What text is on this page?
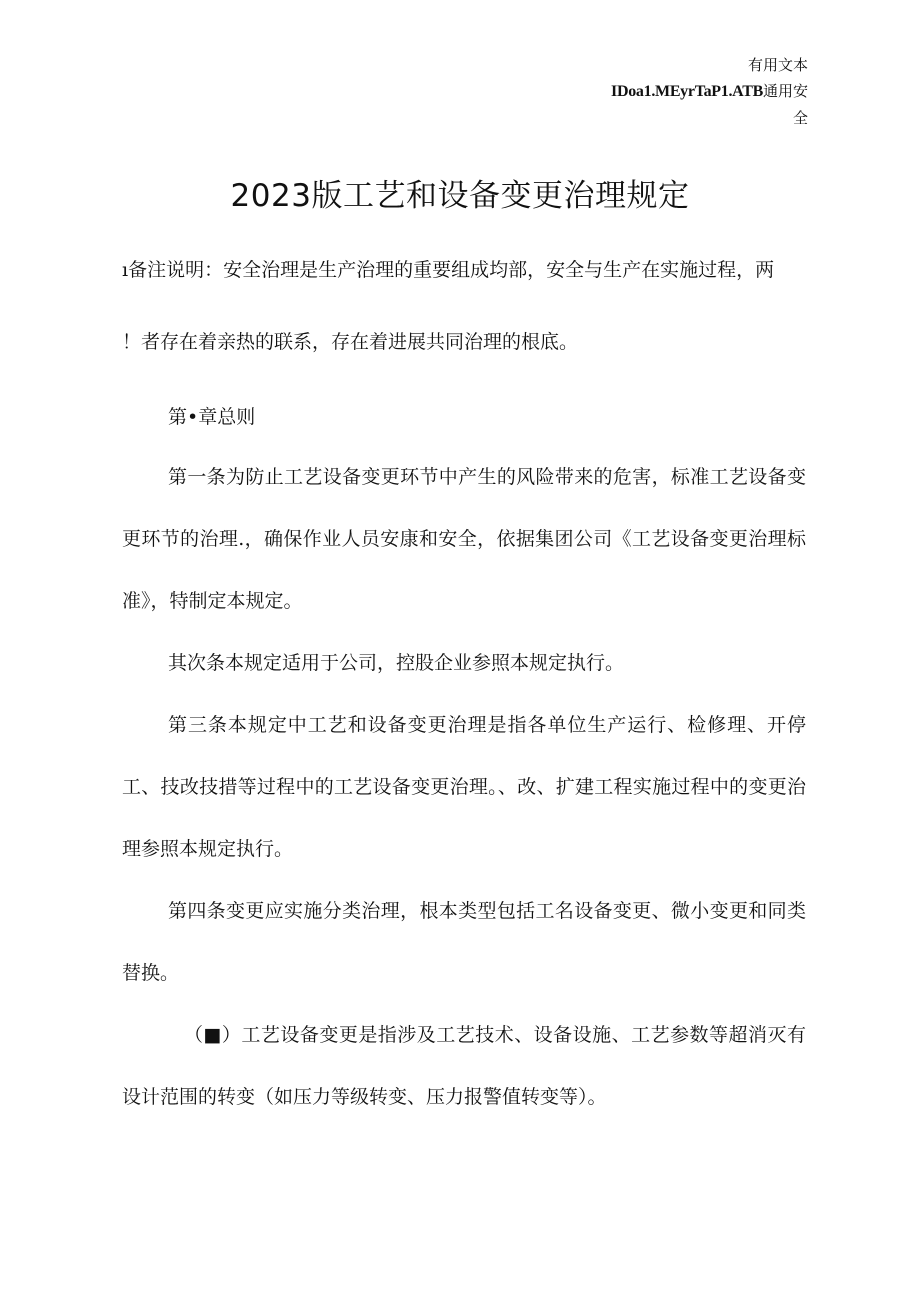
有用文本
IDoa1.MEyrTaP1.ATB通用安
全
2023版工艺和设备变更治理规定
ı备注说明：安全治理是生产治理的重要组成均部，安全与生产在实施过程，两
！者存在着亲热的联系，存在着进展共同治理的根底。

第•章总则

第一条为防止工艺设备变更环节中产生的风险带来的危害，标准工艺设备变更环节的治理.，确保作业人员安康和安全，依据集团公司《工艺设备变更治理标准》，特制定本规定。

其次条本规定适用于公司，控股企业参照本规定执行。

第三条本规定中工艺和设备变更治理是指各单位生产运行、检修理、开停工、技改技措等过程中的工艺设备变更治理。、改、扩建工程实施过程中的变更治理参照本规定执行。

第四条变更应实施分类治理，根本类型包括工名设备变更、微小变更和同类替换。

（■）工艺设备变更是指涉及工艺技术、设备设施、工艺参数等超消灭有设计范围的转变（如压力等级转变、压力报警值转变等）。
